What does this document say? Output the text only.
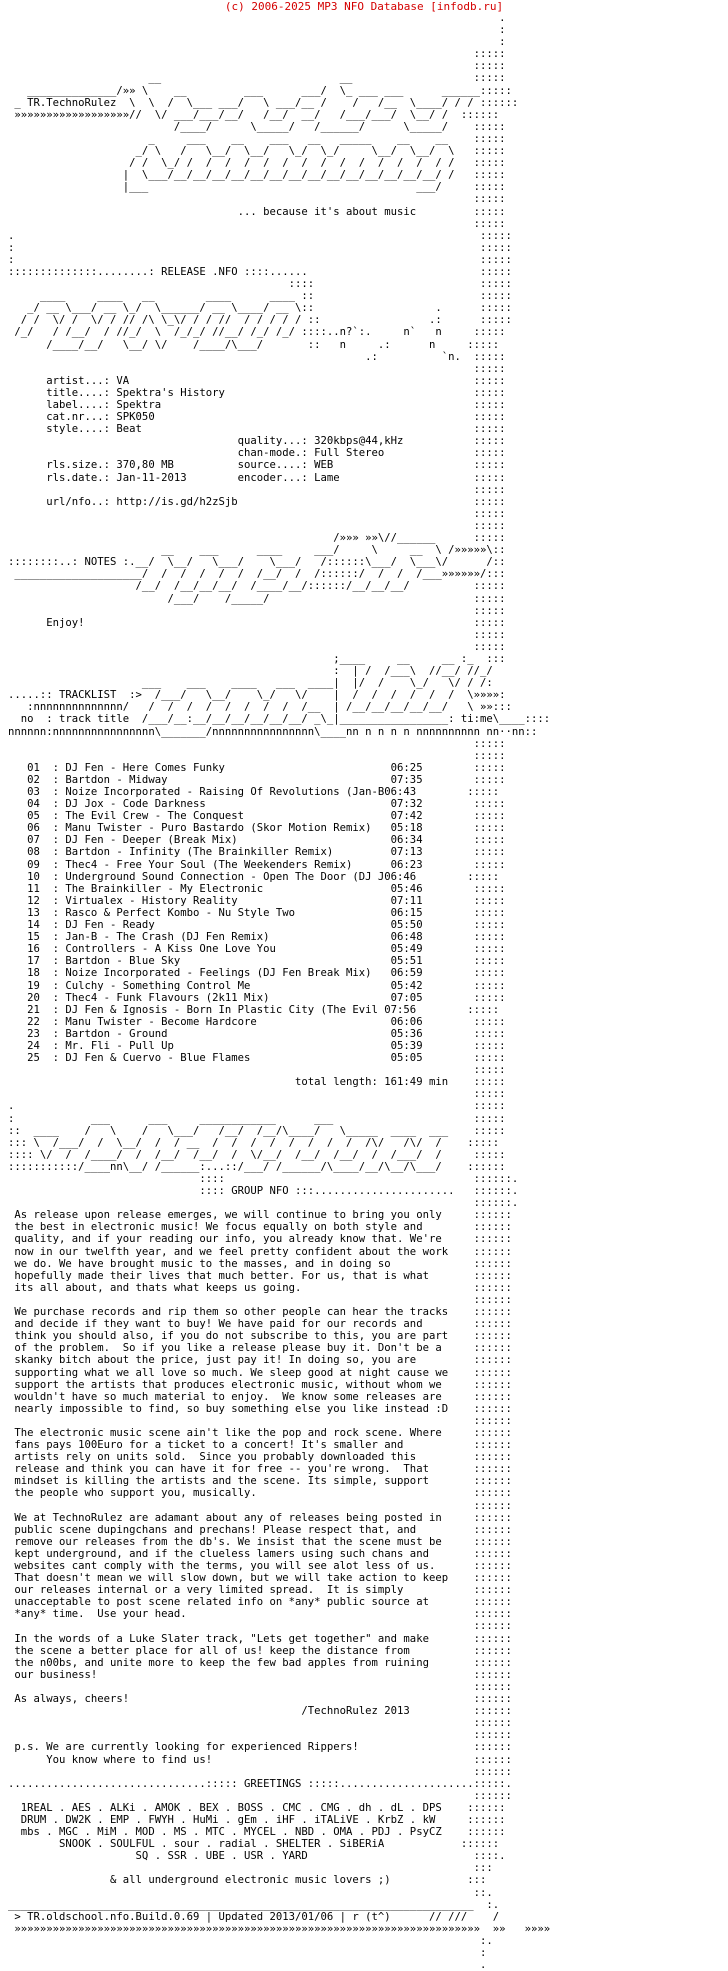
(c) 2006-2025 MP3 NFO Database [infodb.ru]
.
:
:
:::::
:::::
__                            __                   :::::
______________/»» \    __         ___      ___/  \_ ___ ___      ______:::::
_ TR.TechnoRulez  \  \  /  \___ ___/   \ ___/__ /    /   /__  \____/ / / ::::::
»»»»»»»»»»»»»»»»»»//  \/ ___/___/__/   /__/  __/   /___/___/  \__/ /  ::::::
/____/      \_____/   /______/      \_____/    :::::
_     ___    __    ___   __   _____    __    __    :::::
_/ \   /   \__/  \__/   \_/  \_/     \__/  \__/  \   :::::
/ /  \_/ /  /  /  /  /  /  /  /  /  /  /  /  /  / /   :::::
|  \___/__/__/__/__/__/__/__/__/__/__/__/__/__/__/ /   :::::
|___                                          ___/     :::::
:::::
... because it's about music         :::::
:::::
.                                                                         :::::
:                                                                         :::::
:                                                                         :::::
::::::::::::::........: RELEASE .NFO ::::......                           :::::
::::                          :::::
____     ____   __        ____      ____ ::                          :::::
_/ __ \___/ __ \_/  \______/ __ \____/ __ \::                   .      :::::
/ /  \/ /  \/ / // /\ \_\/ / / //  / / / / / ::                 .:      :::::
/_/   / /__/  / //_/  \  /_/_/ //__/ /_/ /_/ ::::..n?`:.     n`   n     :::::
/____/__/   \__/ \/    /____/\___/       ::   n     .:      n     :::::
.:          `n.  :::::
:::::
artist...: VA                                                      :::::
title....: Spektra's History                                       :::::
label....: Spektra                                                 :::::
cat.nr...: SPK050                                                  :::::
style....: Beat                                                    :::::
quality...: 320kbps@44,kHz           :::::
chan-mode.: Full Stereo              :::::
rls.size.: 370,80 MB          source....: WEB                      :::::
rls.date.: Jan-11-2013        encoder...: Lame                     :::::
:::::
url/nfo..: http://is.gd/h2zSjb                                     :::::
:::::
:::::
/»»» »»\//______      :::::
__    ___      ____     ___/     \     __  \ /»»»»»\::
::::::::..: NOTES :.__/  \__/   \___/    \___/   /::::::\___/  \___\/      /::
____________________/  /  /  /  /  /  /__/  /  /::::::/  /  /  /___»»»»»»/:::
/__/  /__/__/__/  /____/__/::::::/__/__/__/          :::::
/___/    /_____/                                :::::
:::::
Enjoy!                                                             :::::
:::::
:::::
;____     __     __ :_  :::
:  | /  /___\  //__/ //_/
___    ___    ____   ___  ____|  |/  /    \_/   \/ / /:
.....:: TRACKLIST  :>  /___/   \__/    \_/   \/    |  /  /  /  /  /  /  \»»»»:
:nnnnnnnnnnnnnn/   /  /  /  /  /  /  /  /  /__  | /__/__/__/__/__/   \ »»:::
no  : track title  /___/__:__/__/__/__/__/__/ _\_|_________________: ti:me\____::::
nnnnnn:nnnnnnnnnnnnnnnn\_______/nnnnnnnnnnnnnnnn\____nn n n n n nnnnnnnnnn nn··nn::
:::::
:::::
01  : DJ Fen - Here Comes Funky                          06:25        :::::
02  : Bartdon - Midway                                   07:35        :::::
03  : Noize Incorporated - Raising Of Revolutions (Jan-B06:43        :::::
04  : DJ Jox - Code Darkness                             07:32        :::::
05  : The Evil Crew - The Conquest                       07:42        :::::
06  : Manu Twister - Puro Bastardo (Skor Motion Remix)   05:18        :::::
07  : DJ Fen - Deeper (Break Mix)                        06:34        :::::
08  : Bartdon - Infinity (The Brainkiller Remix)         07:13        :::::
09  : Thec4 - Free Your Soul (The Weekenders Remix)      06:23        :::::
10  : Underground Sound Connection - Open The Door (DJ J06:46        :::::
11  : The Brainkiller - My Electronic                    05:46        :::::
12  : Virtualex - History Reality                        07:11        :::::
13  : Rasco & Perfect Kombo - Nu Style Two               06:15        :::::
14  : DJ Fen - Ready                                     05:50        :::::
15  : Jan-B - The Crash (DJ Fen Remix)                   06:48        :::::
16  : Controllers - A Kiss One Love You                  05:49        :::::
17  : Bartdon - Blue Sky                                 05:51        :::::
18  : Noize Incorporated - Feelings (DJ Fen Break Mix)   06:59        :::::
19  : Culchy - Something Control Me                      05:42        :::::
20  : Thec4 - Funk Flavours (2k11 Mix)                   07:05        :::::
21  : DJ Fen & Ignosis - Born In Plastic City (The Evil 07:56        :::::
22  : Manu Twister - Become Hardcore                     06:06        :::::
23  : Bartdon - Ground                                   05:36        :::::
24  : Mr. Fli - Pull Up                                  05:39        :::::
25  : DJ Fen & Cuervo - Blue Flames                      05:05        :::::
:::::
total length: 161:49 min    :::::
:::::
.                                                                        :::::
:            ___      ___     ____________      ___                      :::::
::  ____    /   \    /   \___/   /__/  /__/\____/   \_____  ____  ___    :::::
::: \  /___/  /  \__/  /  / __  /  /  /  /  /  /  /  /  /\/   /\/  /    :::::
:::: \/  /  /____/  /  /__/  /__/  /  \/__/  /__/  /__/  /  /___/  /     :::::
:::::::::::/____nn\__/ /______:...::/___/ /______/\____/__/\__/\___/    ::::::
::::                                       ::::::.
:::: GROUP NFO :::......................   ::::::.
::::::.
As release upon release emerges, we will continue to bring you only     ::::::
the best in electronic music! We focus equally on both style and        ::::::
quality, and if your reading our info, you already know that. We're     ::::::
now in our twelfth year, and we feel pretty confident about the work    ::::::
we do. We have brought music to the masses, and in doing so             ::::::
hopefully made their lives that much better. For us, that is what       ::::::
its all about, and thats what keeps us going.                           ::::::
::::::
We purchase records and rip them so other people can hear the tracks    ::::::
and decide if they want to buy! We have paid for our records and        ::::::
think you should also, if you do not subscribe to this, you are part    ::::::
of the problem.  So if you like a release please buy it. Don't be a     ::::::
skanky bitch about the price, just pay it! In doing so, you are         ::::::
supporting what we all love so much. We sleep good at night cause we    ::::::
support the artists that produces electronic music, without whom we     ::::::
wouldn't have so much material to enjoy.  We know some releases are     ::::::
nearly impossible to find, so buy something else you like instead :D    ::::::
::::::
The electronic music scene ain't like the pop and rock scene. Where     ::::::
fans pays 100Euro for a ticket to a concert! It's smaller and           ::::::
artists rely on units sold.  Since you probably downloaded this         ::::::
release and think you can have it for free -- you're wrong.  That       ::::::
mindset is killing the artists and the scene. Its simple, support       ::::::
the people who support you, musically.                                  ::::::
::::::
We at TechnoRulez are adamant about any of releases being posted in     ::::::
public scene dupingchans and prechans! Please respect that, and         ::::::
remove our releases from the db's. We insist that the scene must be     ::::::
kept underground, and if the clueless lamers using such chans and       ::::::
websites cant comply with the terms, you will see alot less of us.      ::::::
That doesn't mean we will slow down, but we will take action to keep    ::::::
our releases internal or a very limited spread.  It is simply           ::::::
unacceptable to post scene related info on *any* public source at       ::::::
*any* time.  Use your head.                                             ::::::
::::::
In the words of a Luke Slater track, "Lets get together" and make       ::::::
the scene a better place for all of us! keep the distance from          ::::::
the n00bs, and unite more to keep the few bad apples from ruining       ::::::
our business!                                                           ::::::
::::::
As always, cheers!                                                      ::::::
/TechnoRulez 2013          ::::::
::::::
::::::
p.s. We are currently looking for experienced Rippers!                  ::::::
You know where to find us!                                         ::::::
::::::
...............................::::: GREETINGS :::::.....................:::::.
::::::
1REAL . AES . ALKi . AMOK . BEX . BOSS . CMC . CMG . dh . dL . DPS    ::::::
DRUM . DW2K . EMP . FWYH . HuMi . gEm . iHF . iTALiVE . KrbZ . kW     ::::::
mbs . MGC . MiM . MOD . MS . MTC . MYCEL . NBD . OMA . PDJ . PsyCZ    ::::::
SNOOK . SOULFUL . sour . radial . SHELTER . SiBERiA            ::::::
SQ . SSR . UBE . USR . YARD                          ::::.
:::
& all underground electronic music lovers ;)            :::
::.
_________________________________________________________________________  :.
> TR.oldschool.nfo.Build.0.69 | Updated 2013/01/06 | r (t^)      // ///    /
»»»»»»»»»»»»»»»»»»»»»»»»»»»»»»»»»»»»»»»»»»»»»»»»»»»»»»»»»»»»»»»»»»»»»»»»»  »»   »»»»
:.
:
.
